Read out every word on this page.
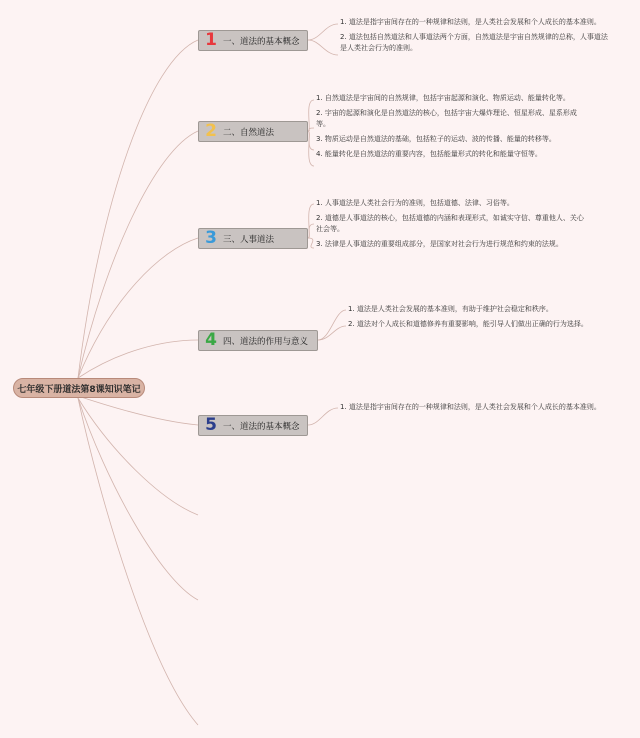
七年级下册道法第8课知识笔记
1 一、道法的基本概念
1. 道法是指宇宙间存在的一种规律和法则，是人类社会发展和个人成长的基本准则。
2. 道法包括自然道法和人事道法两个方面，自然道法是宇宙自然规律的总称，人事道法是人类社会行为的准则。
2 二、自然道法
1. 自然道法是宇宙间的自然规律，包括宇宙起源和演化、物质运动、能量转化等。
2. 宇宙的起源和演化是自然道法的核心，包括宇宙大爆炸理论、恒星形成、星系形成等。
3. 物质运动是自然道法的基础，包括粒子的运动、波的传播、能量的转移等。
4. 能量转化是自然道法的重要内容，包括能量形式的转化和能量守恒等。
3 三、人事道法
1. 人事道法是人类社会行为的准则，包括道德、法律、习俗等。
2. 道德是人事道法的核心，包括道德的内涵和表现形式，如诚实守信、尊重他人、关心社会等。
3. 法律是人事道法的重要组成部分，是国家对社会行为进行规范和约束的法规。
4 四、道法的作用与意义
1. 道法是人类社会发展的基本准则，有助于维护社会稳定和秩序。
2. 道法对个人成长和道德修养有重要影响，能引导人们做出正确的行为选择。
5 一、道法的基本概念
1. 道法是指宇宙间存在的一种规律和法则，是人类社会发展和个人成长的基本准则。
